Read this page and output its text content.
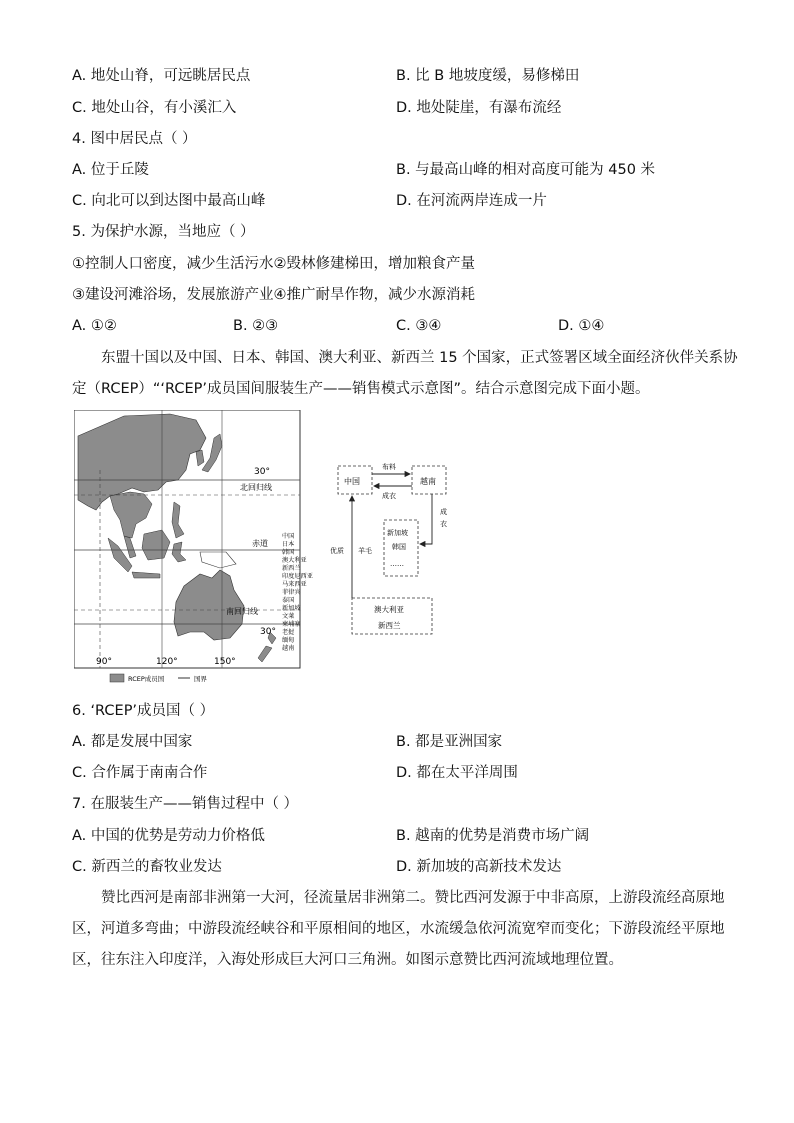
A. 地处山脊，可远眺居民点	B. 比 B 地坡度缓，易修梯田
C. 地处山谷，有小溪汇入	D. 地处陡崖，有瀑布流经
4. 图中居民点（ ）
A. 位于丘陵	B. 与最高山峰的相对高度可能为 450 米
C. 向北可以到达图中最高山峰	D. 在河流两岸连成一片
5. 为保护水源，当地应（ ）
①控制人口密度，减少生活污水②毁林修建梯田，增加粮食产量
③建设河滩浴场，发展旅游产业④推广耐旱作物，减少水源消耗
A. ①②	B. ②③	C. ③④	D. ①④
东盟十国以及中国、日本、韩国、澳大利亚、新西兰 15 个国家，正式签署区域全面经济伙伴关系协
定（RCEP）“‘RCEP’成员国间服装生产——销售模式示意图”。结合示意图完成下面小题。
30°
北回归线
赤道
南回归线
30°
90°	120°	150°
中国
日本
韩国
澳大利亚
新西兰
印度尼西亚
马来西亚
菲律宾
泰国
新加坡
文莱
柬埔寨
老挝
缅甸
越南
RCEP成员国	国界
中国	越南
布料
成衣
成
衣
新加坡
韩国
……
澳大利亚
新西兰
优质 羊毛
6. ‘RCEP’成员国（ ）
A. 都是发展中国家	B. 都是亚洲国家
C. 合作属于南南合作	D. 都在太平洋周围
7. 在服装生产——销售过程中（ ）
A. 中国的优势是劳动力价格低	B. 越南的优势是消费市场广阔
C. 新西兰的畜牧业发达	D. 新加坡的高新技术发达
赞比西河是南部非洲第一大河，径流量居非洲第二。赞比西河发源于中非高原，上游段流经高原地
区，河道多弯曲；中游段流经峡谷和平原相间的地区，水流缓急依河流宽窄而变化；下游段流经平原地
区，往东注入印度洋，入海处形成巨大河口三角洲。如图示意赞比西河流域地理位置。
